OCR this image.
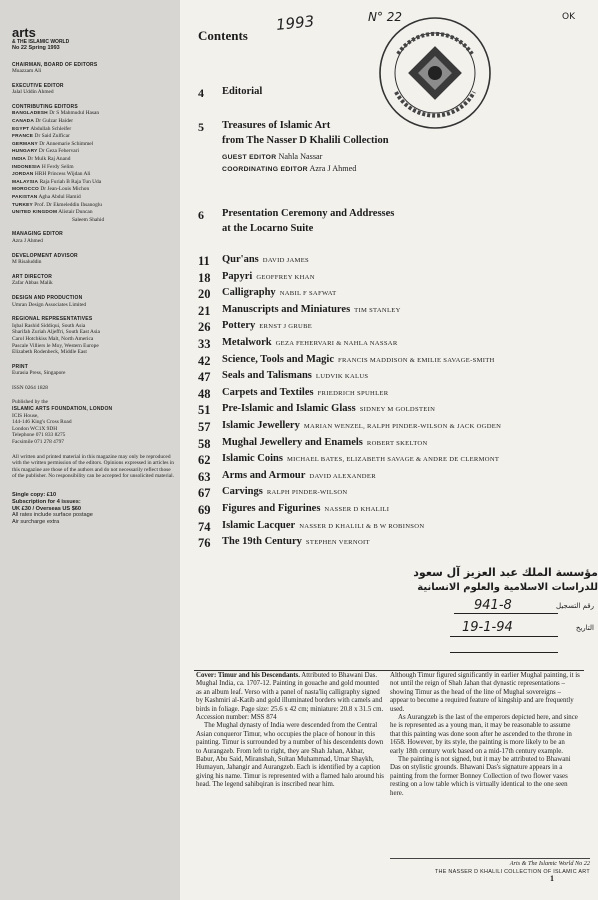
arts
& THE ISLAMIC WORLD
No 22 Spring 1993
CHAIRMAN, BOARD OF EDITORS
Muazzam Ali
EXECUTIVE EDITOR
Jalal Uddin Ahmed
CONTRIBUTING EDITORS
BANGLADESH Dr S Mahmudul Hasan
CANADA Dr Gulzar Haider
EGYPT Abdullah Schleifer
FRANCE Dr Said Zulficar
GERMANY Dr Annemarie Schimmel
HUNGARY Dr Geza Fehervari
INDIA Dr Mulk Raj Anand
INDONESIA H Ferdy Selim
JORDAN HRH Princess Wijdan Ali
MALAYSIA Raja Furiah B Raja Tun Uda
MOROCCO Dr Jean-Louis Michon
PAKISTAN Agha Abdul Hamid
TURKEY Prof. Dr Ekmeleddin Ihsanoglu
UNITED KINGDOM Alistair Duncan
Saleem Shahid
MANAGING EDITOR
Azra J Ahmed
DEVELOPMENT ADVISOR
M Risaluddin
ART DIRECTOR
Zafar Abbas Malik
DESIGN AND PRODUCTION
Umran Design Associates Limited
REGIONAL REPRESENTATIVES
Iqbal Rashid Siddiqui, South Asia
Sharifah Zuriah Aljeffri, South East Asia
Carol Hotchkiss Malt, North America
Pascale Villiers le Moy, Western Europe
Elizabeth Rodenbeck, Middle East
PRINT
Eurasia Press, Singapore
ISSN 0264 1828
Published by the
ISLAMIC ARTS FOUNDATION, LONDON
ICIS House,
144-146 King's Cross Road
London WC1X 9DH
Telephone 071 833 8275
Facsimile 071 278 4797
All written and printed material in this magazine may only be reproduced with the written permission of the editors. Opinions expressed in articles in this magazine are those of the authors and do not necessarily reflect those of the publisher. No responsibility can be accepted for unsolicited material.
Single copy: £10
Subscription for 4 issues:
UK £30 / Overseas US $60
All rates include surface postage
Air surcharge extra
Contents
1993	N° 22	OK
4	Editorial
5	Treasures of Islamic Art
from The Nasser D Khalili Collection
GUEST EDITOR Nahla Nassar
COORDINATING EDITOR Azra J Ahmed
6	Presentation Ceremony and Addresses
at the Locarno Suite
11	Qur'ans DAVID JAMES
18	Papyri GEOFFREY KHAN
20	Calligraphy NABIL F SAFWAT
21	Manuscripts and Miniatures TIM STANLEY
26	Pottery ERNST J GRUBE
33	Metalwork GEZA FEHERVARI & NAHLA NASSAR
42	Science, Tools and Magic FRANCIS MADDISON & EMILIE SAVAGE-SMITH
47	Seals and Talismans LUDVIK KALUS
48	Carpets and Textiles FRIEDRICH SPUHLER
51	Pre-Islamic and Islamic Glass SIDNEY M GOLDSTEIN
57	Islamic Jewellery MARIAN WENZEL, RALPH PINDER-WILSON & JACK OGDEN
58	Mughal Jewellery and Enamels ROBERT SKELTON
62	Islamic Coins MICHAEL BATES, ELIZABETH SAVAGE & ANDRE DE CLERMONT
63	Arms and Armour DAVID ALEXANDER
67	Carvings RALPH PINDER-WILSON
69	Figures and Figurines NASSER D KHALILI
74	Islamic Lacquer NASSER D KHALILI & B W ROBINSON
76	The 19th Century STEPHEN VERNOIT
مؤسسة الملك عبد العزيز آل سعود
للدراسات الاسلامية والعلوم الانسانية
رقم التسجيل
941-8
التاريخ
19-1-94

Cover: Timur and his Descendants. Attributed to Bhawani Das. Mughal India, ca. 1707-12. Painting in gouache and gold mounted as an album leaf. Verso with a panel of nasta'liq calligraphy signed by Kashmiri al-Katib and gold illuminated borders with camels and birds in foliage. Page size: 25.6 x 42 cm; miniature: 20.8 x 31.5 cm. Accession number: MSS 874

The Mughal dynasty of India were descended from the Central Asian conqueror Timur, who occupies the place of honour in this painting. Timur is surrounded by a number of his descendents down to Aurangzeb. From left to right, they are Shah Jahan, Akbar, Babur, Abu Said, Miranshah, Sultan Muhammad, Umar Shaykh, Humayun, Jahangir and Aurangzeb. Each is identified by a caption giving his name. Timur is represented with a flamed halo around his head. The legend sahibqiran is inscribed near him.

Although Timur figured significantly in earlier Mughal painting, it is not until the reign of Shah Jahan that dynastic representations – showing Timur as the head of the line of Mughal sovereigns – appear to become a required feature of kingship and are frequently used.

As Aurangzeb is the last of the emperors depicted here, and since he is represented as a young man, it may be reasonable to assume that this painting was done soon after he ascended to the throne in 1658. However, by its style, the painting is more likely to be an early 18th century work based on a mid-17th century example.

The painting is not signed, but it may be attributed to Bhawani Das on stylistic grounds. Bhawani Das's signature appears in a painting from the former Bonney Collection of two flower vases resting on a low table which is virtually identical to the one seen here.

Arts & The Islamic World No 22
THE NASSER D KHALILI COLLECTION OF ISLAMIC ART
1
